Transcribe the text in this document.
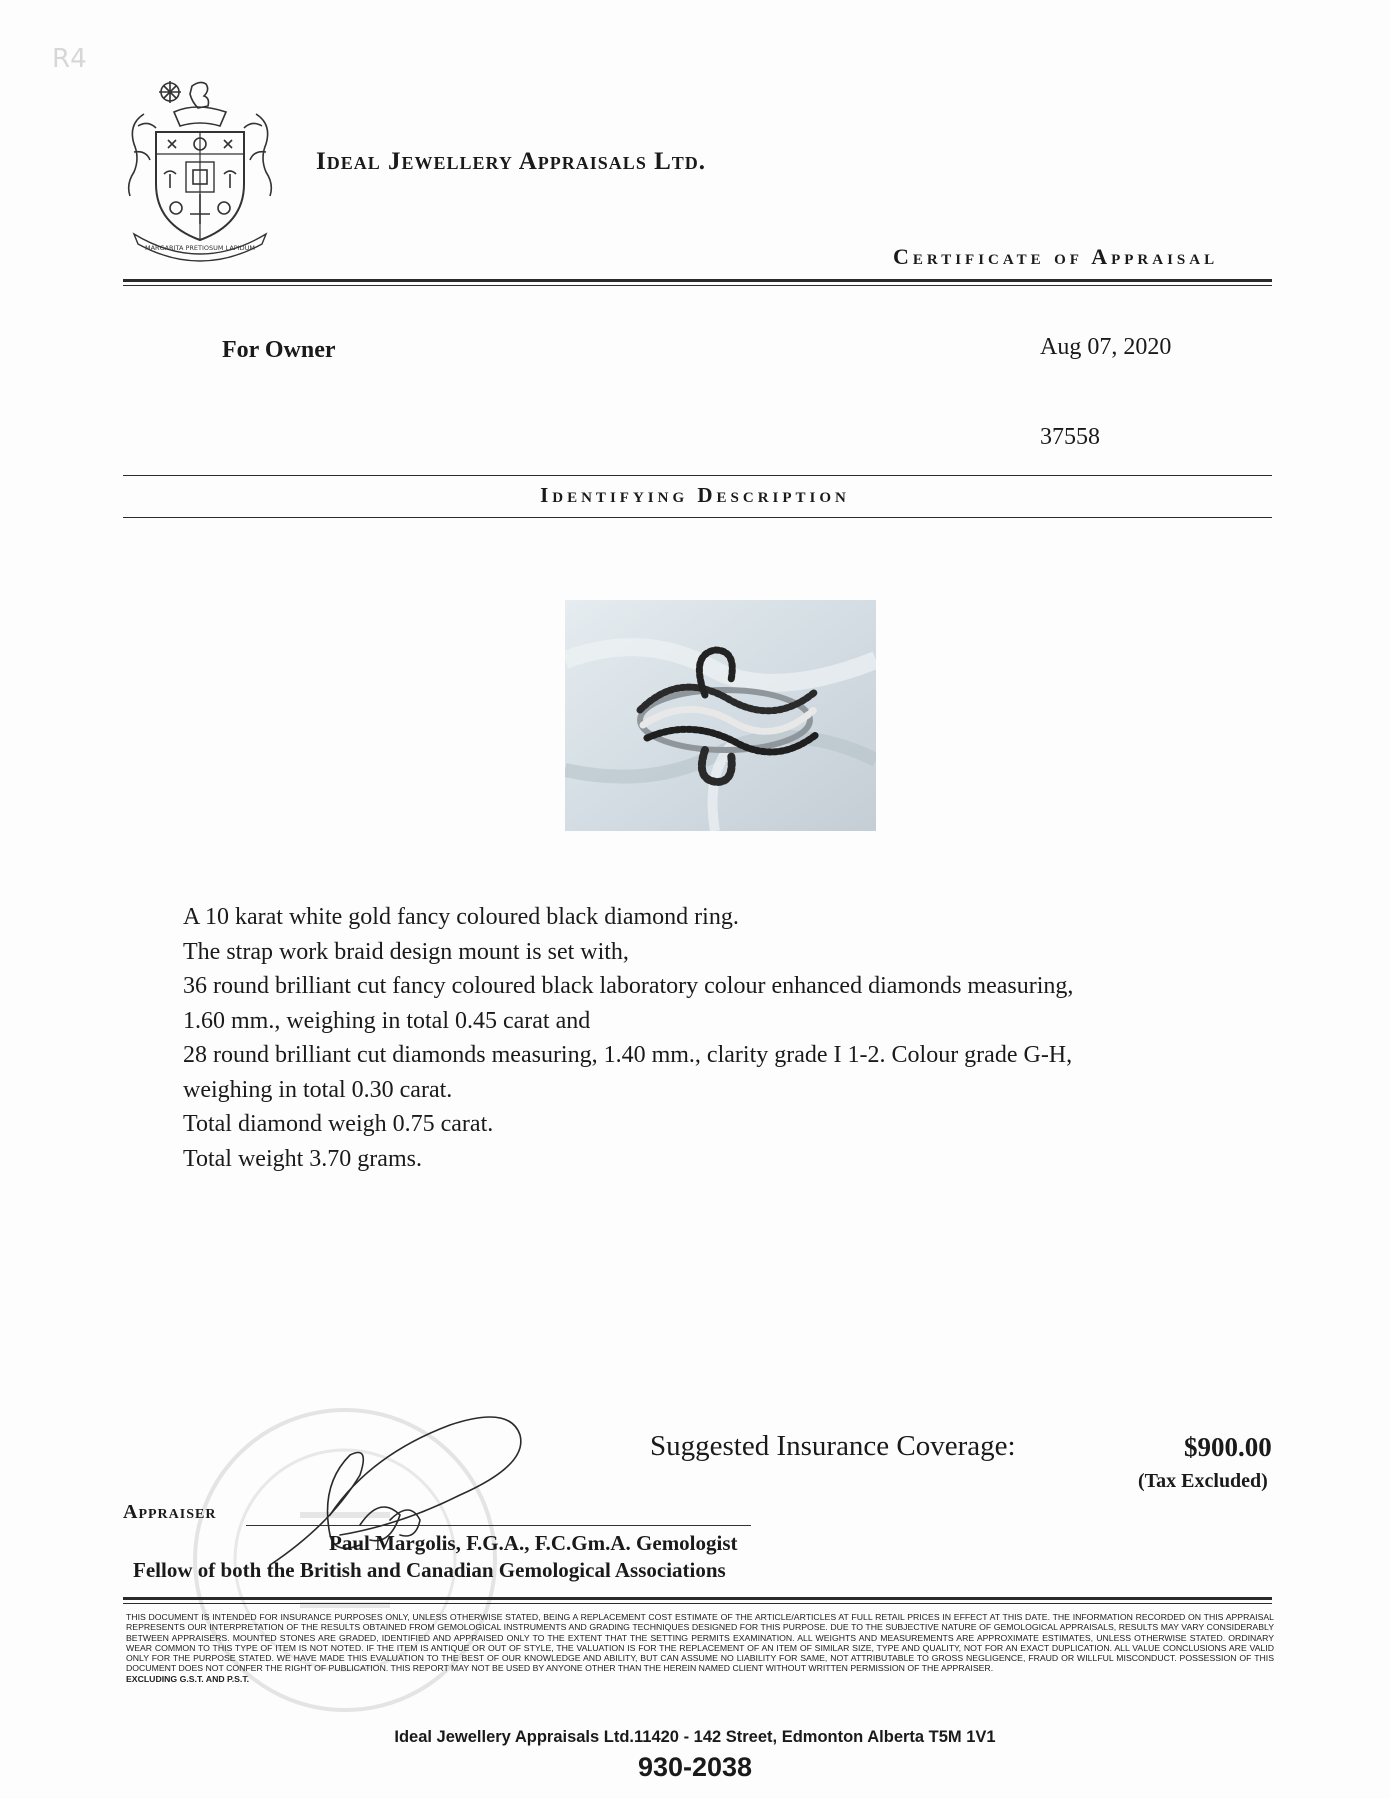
R4
MARGARITA PRETIOSUM LAPIDUM
Ideal Jewellery Appraisals Ltd.
Certificate of Appraisal
For Owner	Aug 07, 2020
37558
Identifying Description
A 10 karat white gold fancy coloured black diamond ring.
The strap work braid design mount is set with,
36 round brilliant cut fancy coloured black laboratory colour enhanced diamonds measuring,
1.60 mm., weighing in total 0.45 carat and
28 round brilliant cut diamonds measuring, 1.40 mm., clarity grade I 1-2. Colour grade G-H,
weighing in total 0.30 carat.
Total diamond weigh 0.75 carat.
Total weight 3.70 grams.
Suggested Insurance Coverage:	$900.00
(Tax Excluded)
Appraiser
Paul Margolis, F.G.A., F.C.Gm.A. Gemologist
Fellow of both the British and Canadian Gemological Associations
THIS DOCUMENT IS INTENDED FOR INSURANCE PURPOSES ONLY, UNLESS OTHERWISE STATED, BEING A REPLACEMENT COST ESTIMATE OF THE ARTICLE/ARTICLES AT FULL RETAIL PRICES IN EFFECT AT THIS DATE. THE INFORMATION RECORDED ON THIS APPRAISAL REPRESENTS OUR INTERPRETATION OF THE RESULTS OBTAINED FROM GEMOLOGICAL INSTRUMENTS AND GRADING TECHNIQUES DESIGNED FOR THIS PURPOSE. DUE TO THE SUBJECTIVE NATURE OF GEMOLOGICAL APPRAISALS, RESULTS MAY VARY CONSIDERABLY BETWEEN APPRAISERS. MOUNTED STONES ARE GRADED, IDENTIFIED AND APPRAISED ONLY TO THE EXTENT THAT THE SETTING PERMITS EXAMINATION. ALL WEIGHTS AND MEASUREMENTS ARE APPROXIMATE ESTIMATES, UNLESS OTHERWISE STATED. ORDINARY WEAR COMMON TO THIS TYPE OF ITEM IS NOT NOTED. IF THE ITEM IS ANTIQUE OR OUT OF STYLE, THE VALUATION IS FOR THE REPLACEMENT OF AN ITEM OF SIMILAR SIZE, TYPE AND QUALITY, NOT FOR AN EXACT DUPLICATION. ALL VALUE CONCLUSIONS ARE VALID ONLY FOR THE PURPOSE STATED. WE HAVE MADE THIS EVALUATION TO THE BEST OF OUR KNOWLEDGE AND ABILITY, BUT CAN ASSUME NO LIABILITY FOR SAME, NOT ATTRIBUTABLE TO GROSS NEGLIGENCE, FRAUD OR WILLFUL MISCONDUCT. POSSESSION OF THIS DOCUMENT DOES NOT CONFER THE RIGHT OF PUBLICATION. THIS REPORT MAY NOT BE USED BY ANYONE OTHER THAN THE HEREIN NAMED CLIENT WITHOUT WRITTEN PERMISSION OF THE APPRAISER.
EXCLUDING G.S.T. AND P.S.T.
Ideal Jewellery Appraisals Ltd.11420 - 142 Street, Edmonton Alberta T5M 1V1
930-2038
